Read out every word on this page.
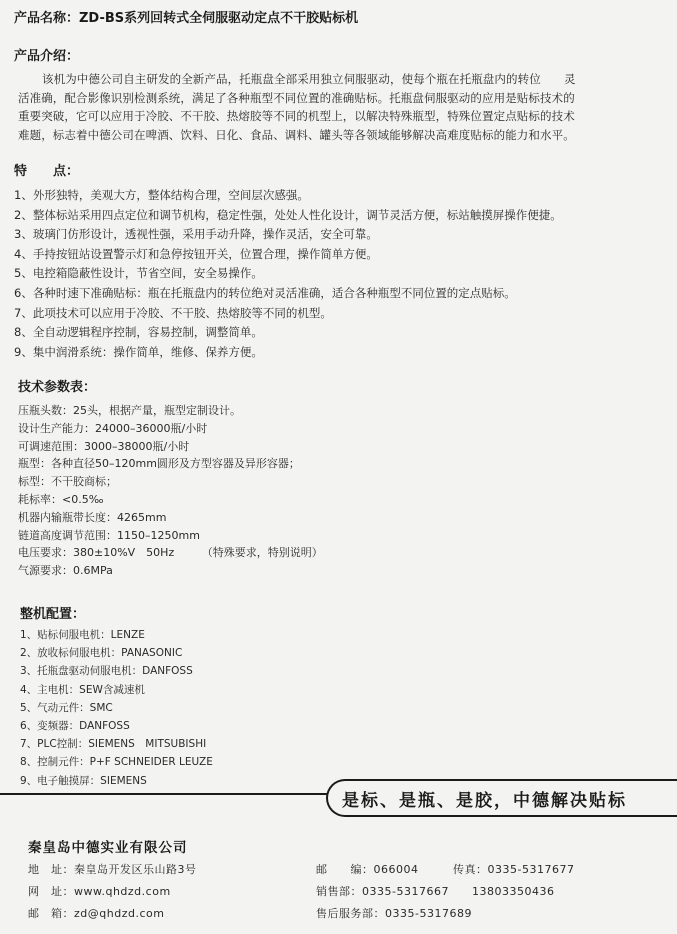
产品名称：ZD-BS系列回转式全伺服驱动定点不干胶贴标机
产品介绍：
该机为中德公司自主研发的全新产品，托瓶盘全部采用独立伺服驱动，使每个瓶在托瓶盘内的转位　　灵
活准确，配合影像识别检测系统，满足了各种瓶型不同位置的准确贴标。托瓶盘伺服驱动的应用是贴标技术的
重要突破，它可以应用于冷胶、不干胶、热熔胶等不同的机型上，以解决特殊瓶型，特殊位置定点贴标的技术
难题，标志着中德公司在啤酒、饮料、日化、食品、调料、罐头等各领域能够解决高难度贴标的能力和水平。
特　　点：
1、外形独特，美观大方，整体结构合理，空间层次感强。
2、整体标站采用四点定位和调节机构，稳定性强，处处人性化设计，调节灵活方便，标站触摸屏操作便捷。
3、玻璃门仿形设计，透视性强，采用手动升降，操作灵活，安全可靠。
4、手持按钮站设置警示灯和急停按钮开关，位置合理，操作简单方便。
5、电控箱隐蔽性设计，节省空间，安全易操作。
6、各种时速下准确贴标：瓶在托瓶盘内的转位绝对灵活准确，适合各种瓶型不同位置的定点贴标。
7、此项技术可以应用于冷胶、不干胶、热熔胶等不同的机型。
8、全自动逻辑程序控制，容易控制，调整简单。
9、集中润滑系统：操作简单，维修、保养方便。
技术参数表：
压瓶头数：25头，根据产量，瓶型定制设计。
设计生产能力：24000–36000瓶/小时
可调速范围：3000–38000瓶/小时
瓶型：各种直径50–120mm圆形及方型容器及异形容器；
标型：不干胶商标；
耗标率：<0.5‰
机器内输瓶带长度：4265mm
链道高度调节范围：1150–1250mm
电压要求：380±10%V　50Hz　　　（特殊要求，特别说明）
气源要求：0.6MPa
整机配置：
1、贴标伺服电机：LENZE
2、放收标伺服电机：PANASONIC
3、托瓶盘驱动伺服电机：DANFOSS
4、主电机：SEW含减速机
5、气动元件：SMC
6、变频器：DANFOSS
7、PLC控制：SIEMENS　MITSUBISHI
8、控制元件：P+F SCHNEIDER LEUZE
9、电子触摸屏：SIEMENS
是标、是瓶、是胶，中德解决贴标
秦皇岛中德实业有限公司
地　址：秦皇岛开发区乐山路3号
网　址：www.qhdzd.com
邮　箱：zd@qhdzd.com
邮　　编：066004　　　传真：0335-5317677
销售部：0335-5317667　　13803350436
售后服务部：0335-5317689
